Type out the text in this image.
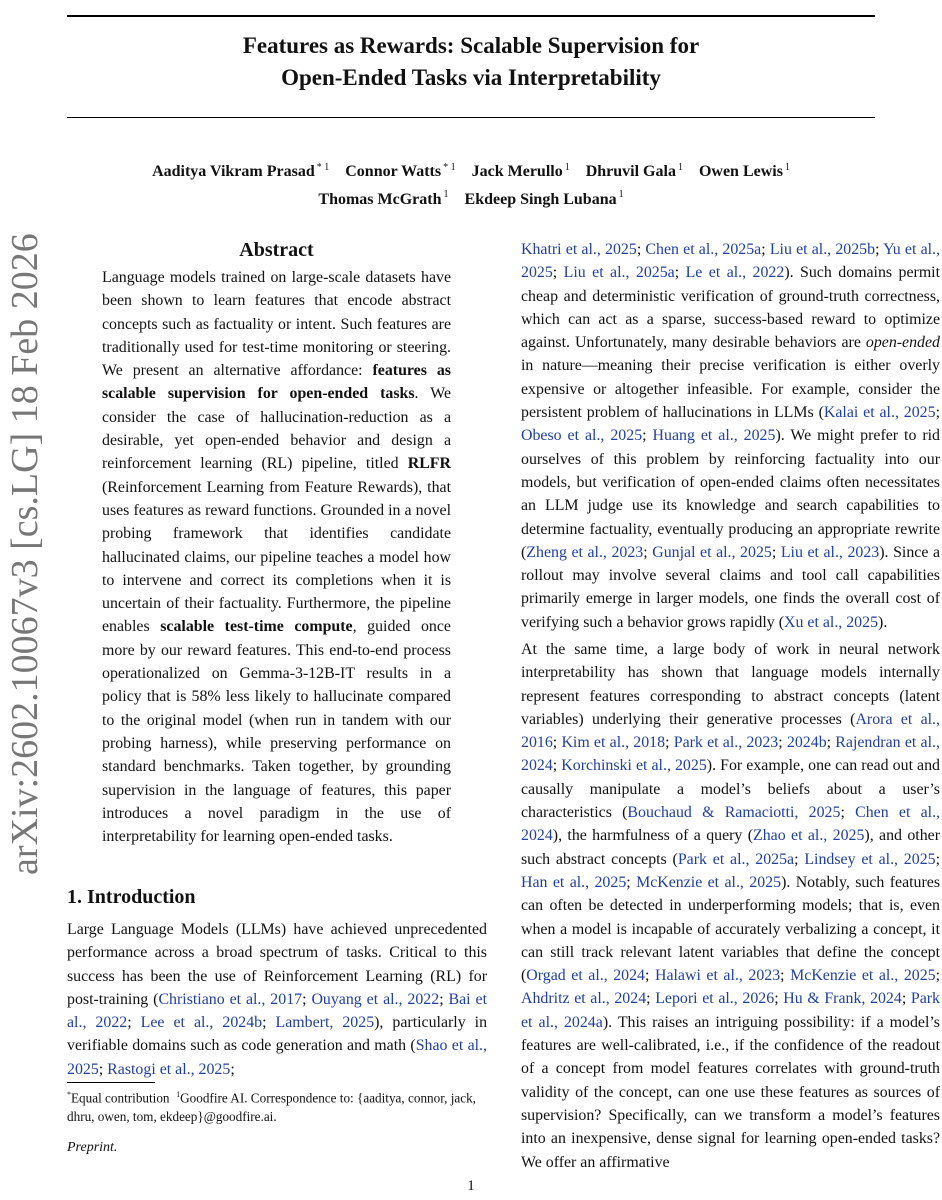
Features as Rewards: Scalable Supervision for
Open-Ended Tasks via Interpretability
Aaditya Vikram Prasad $^{* 1}$ Connor Watts $^{* 1}$ Jack Merullo $^1$ Dhruvil Gala $^1$ Owen Lewis $^1$
Thomas McGrath $^1$ Ekdeep Singh Lubana $^1$
arXiv:2602.10067v3 [cs.LG] 18 Feb 2026	Abstract
Language models trained on large-scale datasets have been shown to learn features that encode abstract concepts such as factuality or intent. Such features are traditionally used for test-time monitoring or steering. We present an alternative affordance: features as scalable supervision for open-ended tasks. We consider the case of hallucination-reduction as a desirable, yet open-ended behavior and design a reinforcement learning (RL) pipeline, titled RLFR (Reinforcement Learning from Feature Rewards), that uses features as reward functions. Grounded in a novel probing framework that identifies candidate hallucinated claims, our pipeline teaches a model how to intervene and correct its completions when it is uncertain of their factuality. Furthermore, the pipeline enables scalable test-time compute, guided once more by our reward features. This end-to-end process operationalized on Gemma-3-12B-IT results in a policy that is 58% less likely to hallucinate compared to the original model (when run in tandem with our probing harness), while preserving performance on standard benchmarks. Taken together, by grounding supervision in the language of features, this paper introduces a novel paradigm in the use of interpretability for learning open-ended tasks.
1. Introduction
Large Language Models (LLMs) have achieved unprecedented performance across a broad spectrum of tasks. Critical to this success has been the use of Reinforcement Learning (RL) for post-training (Christiano et al., 2017; Ouyang et al., 2022; Bai et al., 2022; Lee et al., 2024b; Lambert, 2025), particularly in verifiable domains such as code generation and math (Shao et al., 2025; Rastogi et al., 2025;
Khatri et al., 2025; Chen et al., 2025a; Liu et al., 2025b; Yu et al., 2025; Liu et al., 2025a; Le et al., 2022). Such domains permit cheap and deterministic verification of ground-truth correctness, which can act as a sparse, success-based reward to optimize against. Unfortunately, many desirable behaviors are open-ended in nature—meaning their precise verification is either overly expensive or altogether infeasible. For example, consider the persistent problem of hallucinations in LLMs (Kalai et al., 2025; Obeso et al., 2025; Huang et al., 2025). We might prefer to rid ourselves of this problem by reinforcing factuality into our models, but verification of open-ended claims often necessitates an LLM judge use its knowledge and search capabilities to determine factuality, eventually producing an appropriate rewrite (Zheng et al., 2023; Gunjal et al., 2025; Liu et al., 2023). Since a rollout may involve several claims and tool call capabilities primarily emerge in larger models, one finds the overall cost of verifying such a behavior grows rapidly (Xu et al., 2025).
At the same time, a large body of work in neural network interpretability has shown that language models internally represent features corresponding to abstract concepts (latent variables) underlying their generative processes (Arora et al., 2016; Kim et al., 2018; Park et al., 2023; 2024b; Rajendran et al., 2024; Korchinski et al., 2025). For example, one can read out and causally manipulate a model’s beliefs about a user’s characteristics (Bouchaud & Ramaciotti, 2025; Chen et al., 2024), the harmfulness of a query (Zhao et al., 2025), and other such abstract concepts (Park et al., 2025a; Lindsey et al., 2025; Han et al., 2025; McKenzie et al., 2025). Notably, such features can often be detected in underperforming models; that is, even when a model is incapable of accurately verbalizing a concept, it can still track relevant latent variables that define the concept (Orgad et al., 2024; Halawi et al., 2023; McKenzie et al., 2025; Ahdritz et al., 2024; Lepori et al., 2026; Hu & Frank, 2024; Park et al., 2024a). This raises an intriguing possibility: if a model’s features are well-calibrated, i.e., if the confidence of the readout of a concept from model features correlates with ground-truth validity of the concept, can one use these features as sources of supervision? Specifically, can we transform a model’s features into an inexpensive, dense signal for learning open-ended tasks? We offer an affirmative
*Equal contribution $^1$Goodfire AI. Correspondence to: {aaditya, connor, jack, dhru, owen, tom, ekdeep}@goodfire.ai.
Preprint.
1
